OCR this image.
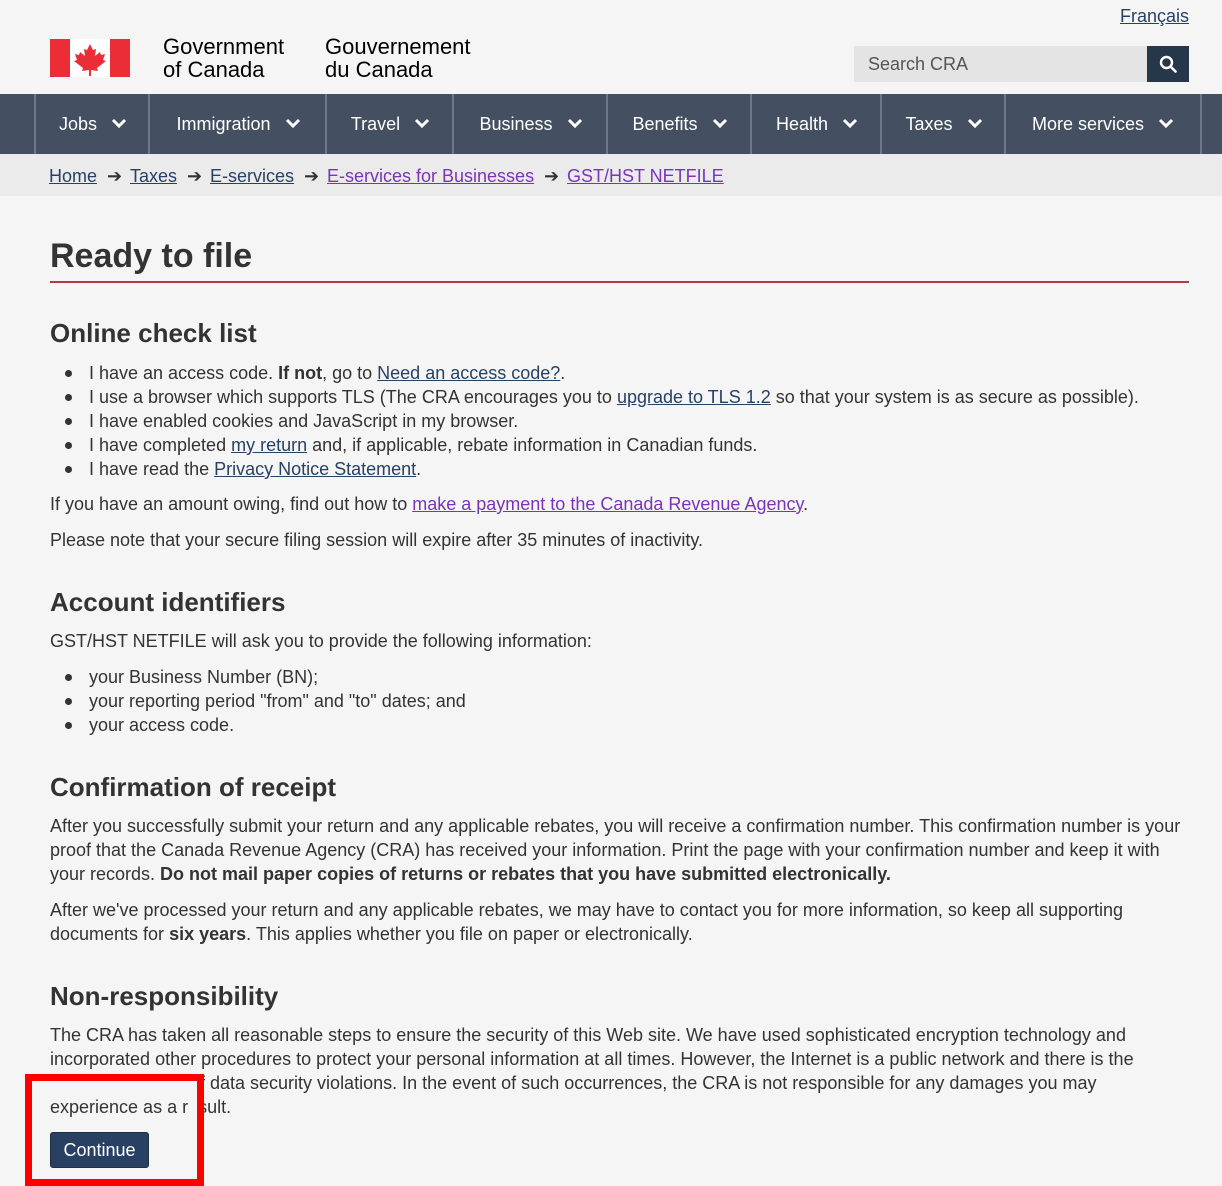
Français
Government
of Canada
Gouvernement
du Canada
Search CRA
Jobs	Immigration	Travel	Business	Benefits	Health	Taxes	More services
Home ➔ Taxes ➔ E-services ➔ E-services for Businesses ➔ GST/HST NETFILE
Ready to file
Online check list
I have an access code. If not, go to Need an access code?.
I use a browser which supports TLS (The CRA encourages you to upgrade to TLS 1.2 so that your system is as secure as possible).
I have enabled cookies and JavaScript in my browser.
I have completed my return and, if applicable, rebate information in Canadian funds.
I have read the Privacy Notice Statement.

If you have an amount owing, find out how to make a payment to the Canada Revenue Agency.

Please note that your secure filing session will expire after 35 minutes of inactivity.

Account identifiers

GST/HST NETFILE will ask you to provide the following information:

your Business Number (BN);
your reporting period "from" and "to" dates; and
your access code.
Confirmation of receipt

After you successfully submit your return and any applicable rebates, you will receive a confirmation number. This confirmation number is your proof that the Canada Revenue Agency (CRA) has received your information. Print the page with your confirmation number and keep it with your records. Do not mail paper copies of returns or rebates that you have submitted electronically.

After we've processed your return and any applicable rebates, we may have to contact you for more information, so keep all supporting documents for six years. This applies whether you file on paper or electronically.

Non-responsibility

The CRA has taken all reasonable steps to ensure the security of this Web site. We have used sophisticated encryption technology and

incorporated other procedures to protect your personal information at all times. However, the Internet is a public network and there is the

f data security violations. In the event of such occurrences, the CRA is not responsible for any damages you may

experience as a r  sult.

Continue
